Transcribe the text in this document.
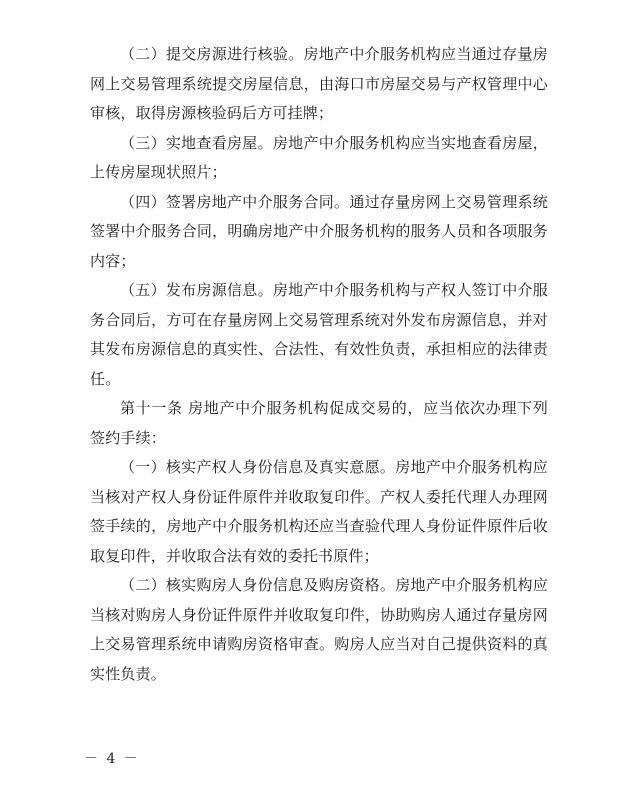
（二）提交房源进行核验。房地产中介服务机构应当通过存量房网上交易管理系统提交房屋信息，由海口市房屋交易与产权管理中心审核，取得房源核验码后方可挂牌；

（三）实地查看房屋。房地产中介服务机构应当实地查看房屋，上传房屋现状照片；

（四）签署房地产中介服务合同。通过存量房网上交易管理系统签署中介服务合同，明确房地产中介服务机构的服务人员和各项服务内容；

（五）发布房源信息。房地产中介服务机构与产权人签订中介服务合同后，方可在存量房网上交易管理系统对外发布房源信息，并对其发布房源信息的真实性、合法性、有效性负责，承担相应的法律责任。

第十一条 房地产中介服务机构促成交易的，应当依次办理下列签约手续：

（一）核实产权人身份信息及真实意愿。房地产中介服务机构应当核对产权人身份证件原件并收取复印件。产权人委托代理人办理网签手续的，房地产中介服务机构还应当查验代理人身份证件原件后收取复印件，并收取合法有效的委托书原件；

（二）核实购房人身份信息及购房资格。房地产中介服务机构应当核对购房人身份证件原件并收取复印件，协助购房人通过存量房网上交易管理系统申请购房资格审查。购房人应当对自己提供资料的真实性负责。

－ 4 －
